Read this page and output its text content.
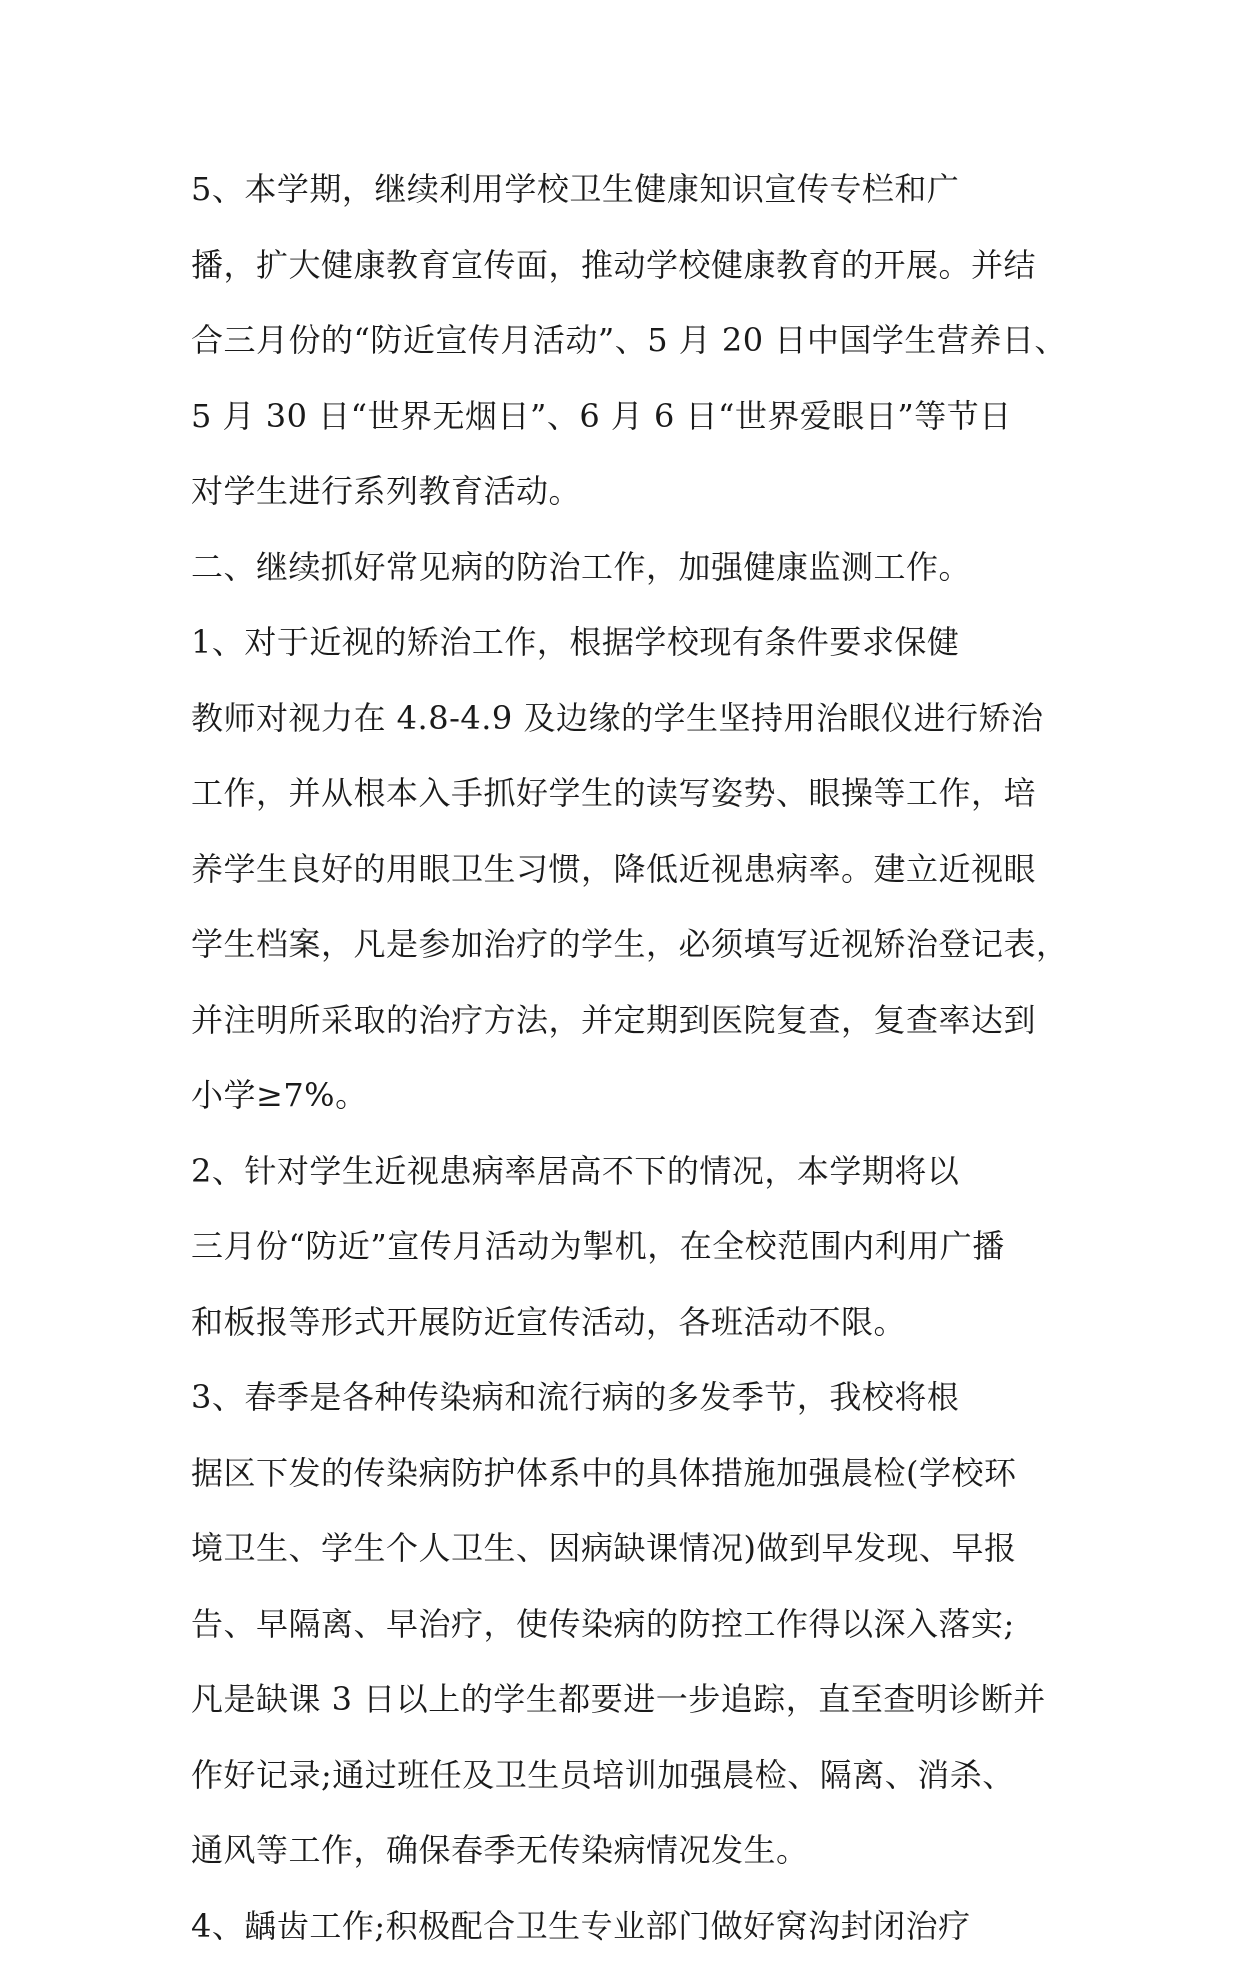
5、本学期，继续利用学校卫生健康知识宣传专栏和广
播，扩大健康教育宣传面，推动学校健康教育的开展。并结
合三月份的“防近宣传月活动”、5 月 20 日中国学生营养日、
5 月 30 日“世界无烟日”、6 月 6 日“世界爱眼日”等节日
对学生进行系列教育活动。
二、继续抓好常见病的防治工作，加强健康监测工作。
1、对于近视的矫治工作，根据学校现有条件要求保健
教师对视力在 4.8-4.9 及边缘的学生坚持用治眼仪进行矫治
工作，并从根本入手抓好学生的读写姿势、眼操等工作，培
养学生良好的用眼卫生习惯，降低近视患病率。建立近视眼
学生档案，凡是参加治疗的学生，必须填写近视矫治登记表，
并注明所采取的治疗方法，并定期到医院复查，复查率达到
小学≥7%。
2、针对学生近视患病率居高不下的情况，本学期将以
三月份“防近”宣传月活动为掣机，在全校范围内利用广播
和板报等形式开展防近宣传活动，各班活动不限。
3、春季是各种传染病和流行病的多发季节，我校将根
据区下发的传染病防护体系中的具体措施加强晨检(学校环
境卫生、学生个人卫生、因病缺课情况)做到早发现、早报
告、早隔离、早治疗，使传染病的防控工作得以深入落实;
凡是缺课 3 日以上的学生都要进一步追踪，直至查明诊断并
作好记录;通过班任及卫生员培训加强晨检、隔离、消杀、
通风等工作，确保春季无传染病情况发生。
4、龋齿工作;积极配合卫生专业部门做好窝沟封闭治疗
